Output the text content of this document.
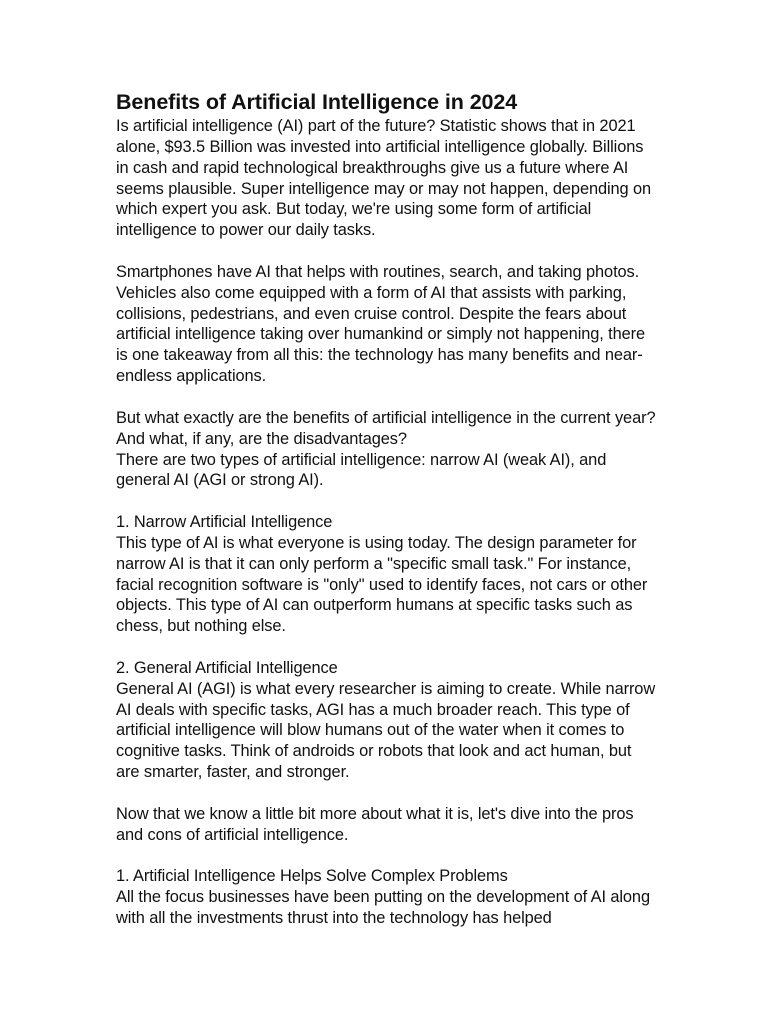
Benefits of Artificial Intelligence in 2024

Is artificial intelligence (AI) part of the future? Statistic shows that in 2021 alone, $93.5 Billion was invested into artificial intelligence globally. Billions in cash and rapid technological breakthroughs give us a future where AI seems plausible. Super intelligence may or may not happen, depending on which expert you ask. But today, we're using some form of artificial intelligence to power our daily tasks.

Smartphones have AI that helps with routines, search, and taking photos. Vehicles also come equipped with a form of AI that assists with parking, collisions, pedestrians, and even cruise control. Despite the fears about artificial intelligence taking over humankind or simply not happening, there is one takeaway from all this: the technology has many benefits and near-endless applications.

But what exactly are the benefits of artificial intelligence in the current year? And what, if any, are the disadvantages?

There are two types of artificial intelligence: narrow AI (weak AI), and general AI (AGI or strong AI).

1. Narrow Artificial Intelligence

This type of AI is what everyone is using today. The design parameter for narrow AI is that it can only perform a "specific small task." For instance, facial recognition software is "only" used to identify faces, not cars or other objects. This type of AI can outperform humans at specific tasks such as chess, but nothing else.

2. General Artificial Intelligence

General AI (AGI) is what every researcher is aiming to create. While narrow AI deals with specific tasks, AGI has a much broader reach. This type of artificial intelligence will blow humans out of the water when it comes to cognitive tasks. Think of androids or robots that look and act human, but are smarter, faster, and stronger.

Now that we know a little bit more about what it is, let's dive into the pros and cons of artificial intelligence.

1. Artificial Intelligence Helps Solve Complex Problems

All the focus businesses have been putting on the development of AI along with all the investments thrust into the technology has helped
